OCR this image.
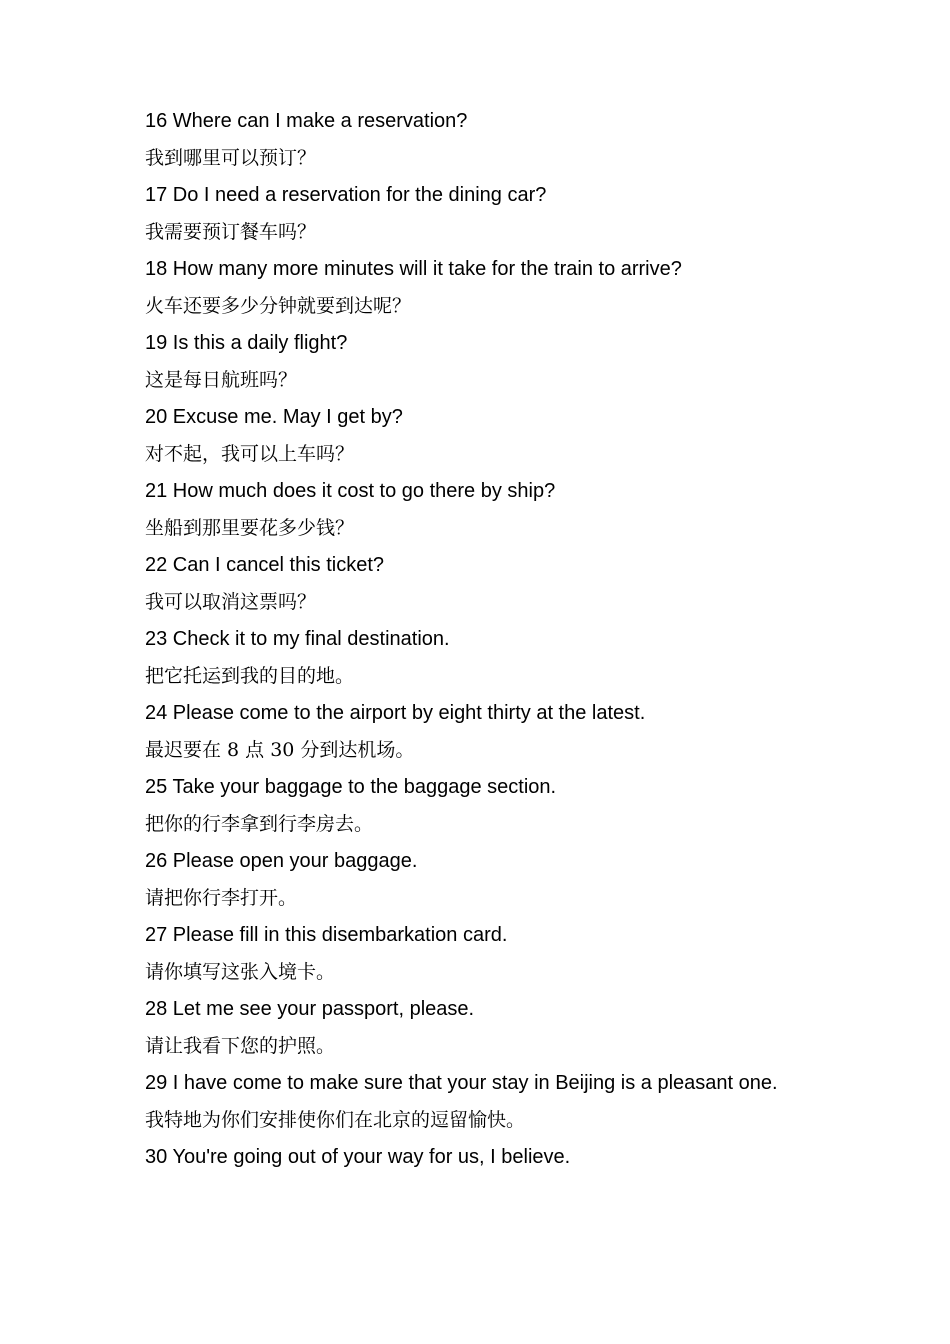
16 Where can I make a reservation?

我到哪里可以预订？

17 Do I need a reservation for the dining car?

我需要预订餐车吗？

18 How many more minutes will it take for the train to arrive?

火车还要多少分钟就要到达呢？

19 Is this a daily flight?

这是每日航班吗？

20 Excuse me. May I get by?

对不起，我可以上车吗？

21 How much does it cost to go there by ship?

坐船到那里要花多少钱？

22 Can I cancel this ticket?

我可以取消这票吗？

23 Check it to my final destination.

把它托运到我的目的地。

24 Please come to the airport by eight thirty at the latest.

最迟要在 8 点 30 分到达机场。

25 Take your baggage to the baggage section.

把你的行李拿到行李房去。

26 Please open your baggage.

请把你行李打开。

27 Please fill in this disembarkation card.

请你填写这张入境卡。

28 Let me see your passport, please.

请让我看下您的护照。

29 I have come to make sure that your stay in Beijing is a pleasant one.

我特地为你们安排使你们在北京的逗留愉快。

30 You're going out of your way for us, I believe.
